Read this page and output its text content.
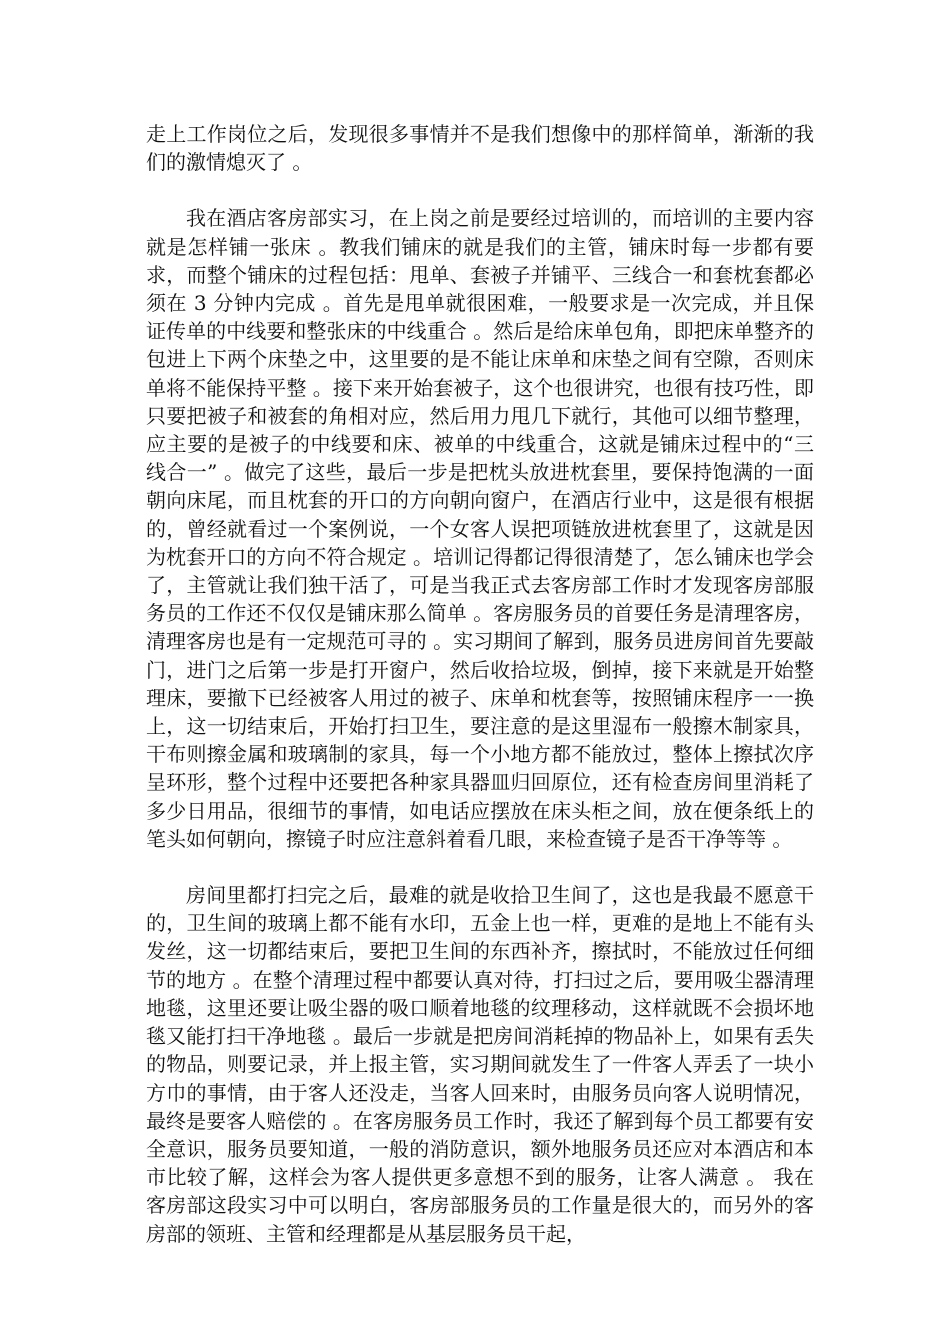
走上工作岗位之后，发现很多事情并不是我们想像中的那样简单，渐渐的我们的激情熄灭了 。

我在酒店客房部实习，在上岗之前是要经过培训的，而培训的主要内容就是怎样铺一张床 。教我们铺床的就是我们的主管，铺床时每一步都有要求，而整个铺床的过程包括：甩单、套被子并铺平、三线合一和套枕套都必须在 3 分钟内完成 。首先是甩单就很困难，一般要求是一次完成，并且保证传单的中线要和整张床的中线重合 。然后是给床单包角，即把床单整齐的包进上下两个床垫之中，这里要的是不能让床单和床垫之间有空隙，否则床单将不能保持平整 。接下来开始套被子，这个也很讲究，也很有技巧性，即只要把被子和被套的角相对应，然后用力甩几下就行，其他可以细节整理，应主要的是被子的中线要和床、被单的中线重合，这就是铺床过程中的“三线合一” 。做完了这些，最后一步是把枕头放进枕套里，要保持饱满的一面朝向床尾，而且枕套的开口的方向朝向窗户，在酒店行业中，这是很有根据的，曾经就看过一个案例说，一个女客人误把项链放进枕套里了，这就是因为枕套开口的方向不符合规定 。培训记得都记得很清楚了，怎么铺床也学会了，主管就让我们独干活了，可是当我正式去客房部工作时才发现客房部服务员的工作还不仅仅是铺床那么简单 。客房服务员的首要任务是清理客房，清理客房也是有一定规范可寻的 。实习期间了解到，服务员进房间首先要敲门，进门之后第一步是打开窗户，然后收拾垃圾，倒掉，接下来就是开始整理床，要撤下已经被客人用过的被子、床单和枕套等，按照铺床程序一一换上，这一切结束后，开始打扫卫生，要注意的是这里湿布一般擦木制家具，干布则擦金属和玻璃制的家具，每一个小地方都不能放过，整体上擦拭次序呈环形，整个过程中还要把各种家具器皿归回原位，还有检查房间里消耗了多少日用品，很细节的事情，如电话应摆放在床头柜之间，放在便条纸上的笔头如何朝向，擦镜子时应注意斜着看几眼，来检查镜子是否干净等等 。

房间里都打扫完之后，最难的就是收拾卫生间了，这也是我最不愿意干的，卫生间的玻璃上都不能有水印，五金上也一样，更难的是地上不能有头发丝，这一切都结束后，要把卫生间的东西补齐，擦拭时，不能放过任何细节的地方 。在整个清理过程中都要认真对待，打扫过之后，要用吸尘器清理地毯，这里还要让吸尘器的吸口顺着地毯的纹理移动，这样就既不会损坏地毯又能打扫干净地毯 。最后一步就是把房间消耗掉的物品补上，如果有丢失的物品，则要记录，并上报主管，实习期间就发生了一件客人弄丢了一块小方巾的事情，由于客人还没走，当客人回来时，由服务员向客人说明情况，最终是要客人赔偿的 。在客房服务员工作时，我还了解到每个员工都要有安全意识，服务员要知道，一般的消防意识，额外地服务员还应对本酒店和本市比较了解，这样会为客人提供更多意想不到的服务，让客人满意 。 我在客房部这段实习中可以明白，客房部服务员的工作量是很大的，而另外的客房部的领班、主管和经理都是从基层服务员干起，
